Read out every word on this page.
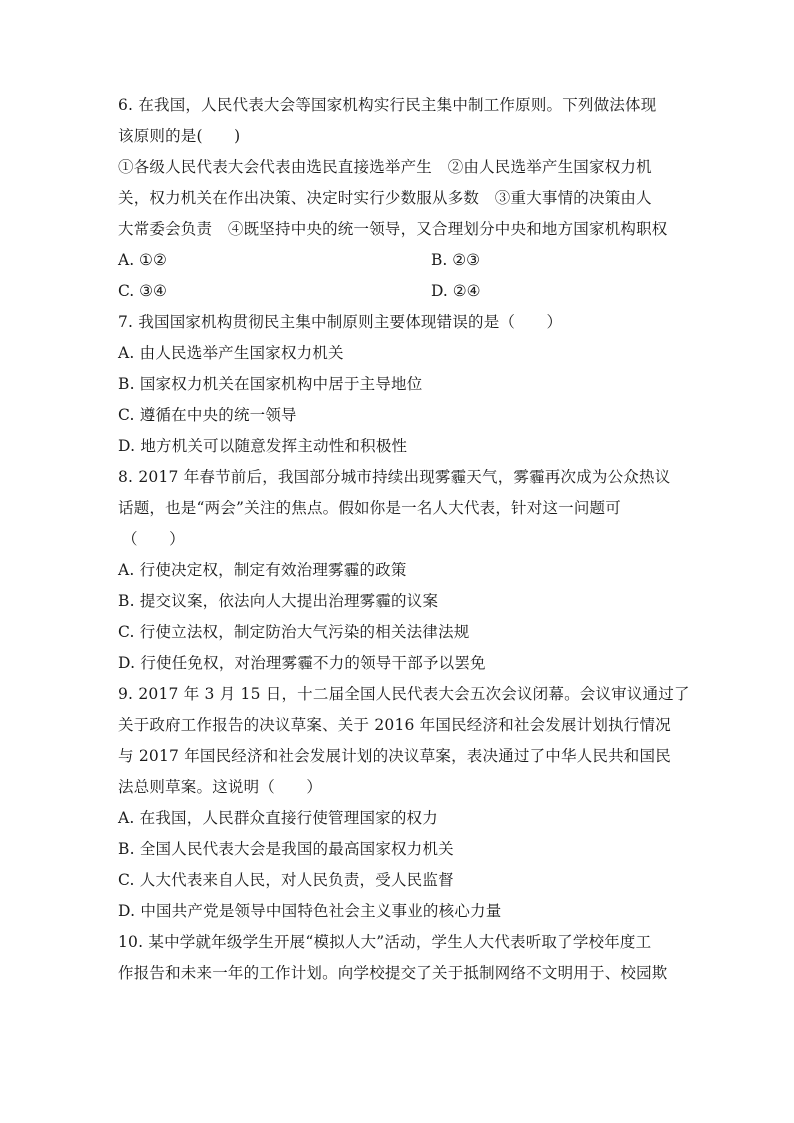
6. 在我国，人民代表大会等国家机构实行民主集中制工作原则。下列做法体现
该原则的是(　　)
①各级人民代表大会代表由选民直接选举产生　②由人民选举产生国家权力机
关，权力机关在作出决策、决定时实行少数服从多数　③重大事情的决策由人
大常委会负责　④既坚持中央的统一领导，又合理划分中央和地方国家机构职权
A. ①②	B. ②③
C. ③④	D. ②④
7. 我国国家机构贯彻民主集中制原则主要体现错误的是（　　）
A. 由人民选举产生国家权力机关
B. 国家权力机关在国家机构中居于主导地位
C. 遵循在中央的统一领导
D. 地方机关可以随意发挥主动性和积极性
8. 2017 年春节前后，我国部分城市持续出现雾霾天气，雾霾再次成为公众热议
话题，也是“两会”关注的焦点。假如你是一名人大代表，针对这一问题可
（　　）
A. 行使决定权，制定有效治理雾霾的政策
B. 提交议案，依法向人大提出治理雾霾的议案
C. 行使立法权，制定防治大气污染的相关法律法规
D. 行使任免权，对治理雾霾不力的领导干部予以罢免
9. 2017 年 3 月 15 日，十二届全国人民代表大会五次会议闭幕。会议审议通过了
关于政府工作报告的决议草案、关于 2016 年国民经济和社会发展计划执行情况
与 2017 年国民经济和社会发展计划的决议草案，表决通过了中华人民共和国民
法总则草案。这说明（　　）
A. 在我国，人民群众直接行使管理国家的权力
B. 全国人民代表大会是我国的最高国家权力机关
C. 人大代表来自人民，对人民负责，受人民监督
D. 中国共产党是领导中国特色社会主义事业的核心力量
10. 某中学就年级学生开展“模拟人大”活动，学生人大代表听取了学校年度工
作报告和未来一年的工作计划。向学校提交了关于抵制网络不文明用于、校园欺
